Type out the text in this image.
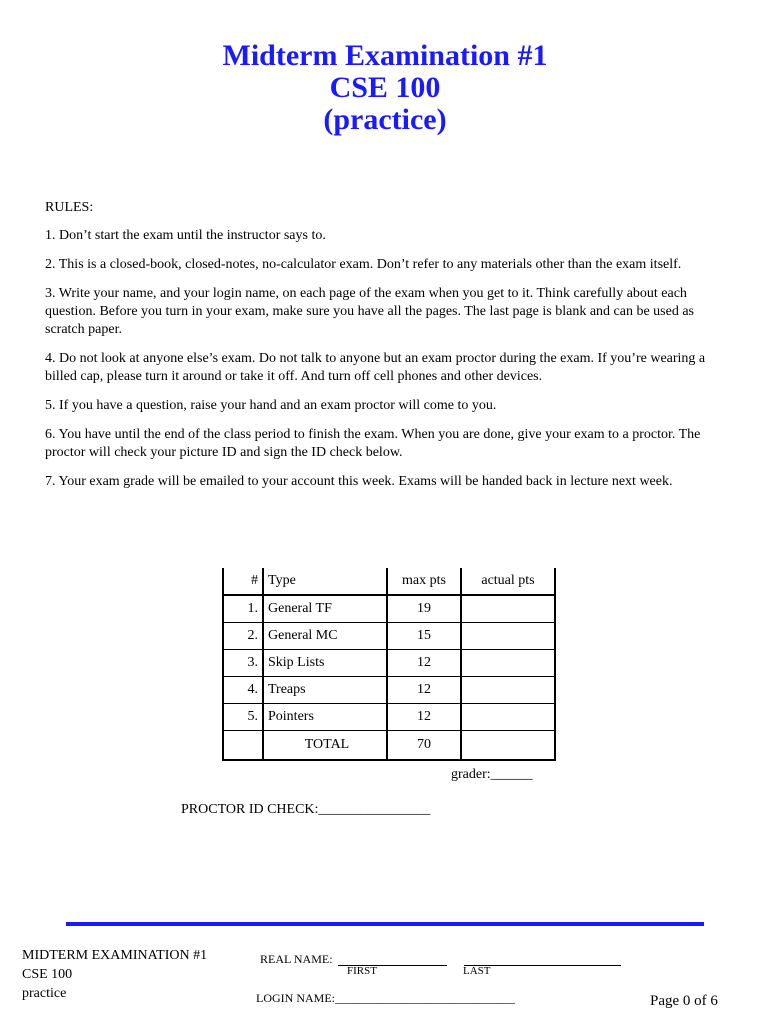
Midterm Examination #1
CSE 100
(practice)

RULES:

1. Don’t start the exam until the instructor says to.

2. This is a closed-book, closed-notes, no-calculator exam. Don’t refer to any materials other than the exam itself.

3. Write your name, and your login name, on each page of the exam when you get to it. Think carefully about each question. Before you turn in your exam, make sure you have all the pages. The last page is blank and can be used as scratch paper.

4. Do not look at anyone else’s exam. Do not talk to anyone but an exam proctor during the exam. If you’re wearing a billed cap, please turn it around or take it off. And turn off cell phones and other devices.

5. If you have a question, raise your hand and an exam proctor will come to you.

6. You have until the end of the class period to finish the exam. When you are done, give your exam to a proctor. The proctor will check your picture ID and sign the ID check below.

7. Your exam grade will be emailed to your account this week. Exams will be handed back in lecture next week.

#	Type	max pts	actual pts
1.	General TF	19	
2.	General MC	15	
3.	Skip Lists	12	
4.	Treaps	12	
5.	Pointers	12	
	TOTAL	70	
grader:______
PROCTOR ID CHECK:________________
MIDTERM EXAMINATION #1
CSE 100
practice
REAL NAME:
FIRST	LAST
LOGIN NAME:______________________________	Page 0 of 6
